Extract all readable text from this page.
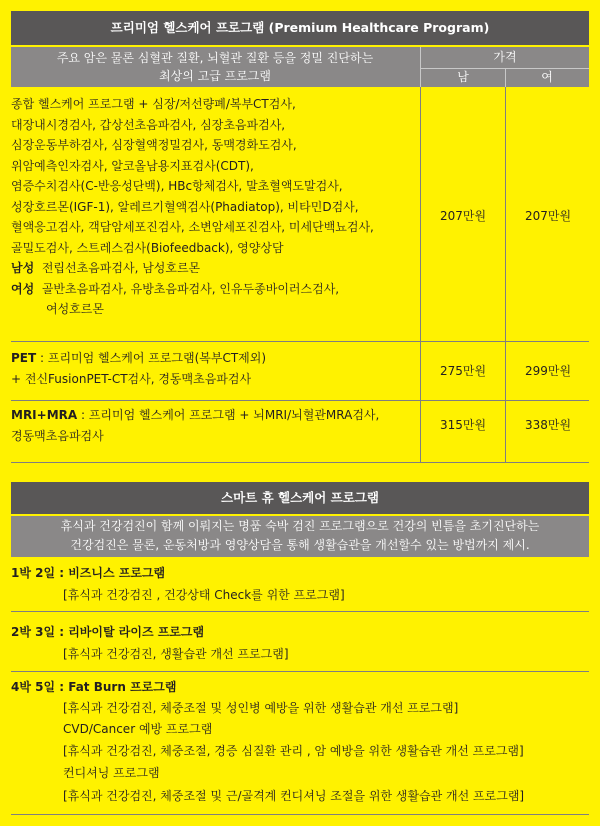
프리미엄 헬스케어 프로그램 (Premium Healthcare Program)
주요 암은 물론 심혈관 질환, 뇌혈관 질환 등을 정밀 진단하는
최상의 고급 프로그램
가격
남	여
종합 헬스케어 프로그램 + 심장/저선량폐/복부CT검사,
대장내시경검사, 갑상선초음파검사, 심장초음파검사,
심장운동부하검사, 심장혈액정밀검사, 동맥경화도검사,
위암예측인자검사, 알코올남용지표검사(CDT),
염증수치검사(C-반응성단백), HBc항체검사, 말초혈액도말검사,
성장호르몬(IGF-1), 알레르기혈액검사(Phadiatop), 비타민D검사,
혈액응고검사, 객담암세포진검사, 소변암세포진검사, 미세단백뇨검사,
골밀도검사, 스트레스검사(Biofeedback), 영양상담
남성 전립선초음파검사, 남성호르몬
여성 골반초음파검사, 유방초음파검사, 인유두종바이러스검사,
여성호르몬
207만원	207만원
PET : 프리미엄 헬스케어 프로그램(복부CT제외)
+ 전신FusionPET-CT검사, 경동맥초음파검사
275만원	299만원
MRI+MRA : 프리미엄 헬스케어 프로그램 + 뇌MRI/뇌혈관MRA검사,
경동맥초음파검사
315만원	338만원
스마트 휴 헬스케어 프로그램
휴식과 건강검진이 함께 이뤄지는 명품 숙박 검진 프로그램으로 건강의 빈틈을 초기진단하는
건강검진은 물론, 운동처방과 영양상담을 통해 생활습관을 개선할수 있는 방법까지 제시.
1박 2일 : 비즈니스 프로그램
[휴식과 건강검진 , 건강상태 Check를 위한 프로그램]
2박 3일 : 리바이탈 라이즈 프로그램
[휴식과 건강검진, 생활습관 개선 프로그램]
4박 5일 : Fat Burn 프로그램
[휴식과 건강검진, 체중조절 및 성인병 예방을 위한 생활습관 개선 프로그램]
CVD/Cancer 예방 프로그램
[휴식과 건강검진, 체중조절, 경증 심질환 관리 , 암 예방을 위한 생활습관 개선 프로그램]
컨디셔닝 프로그램
[휴식과 건강검진, 체중조절 및 근/골격계 컨디셔닝 조절을 위한 생활습관 개선 프로그램]
